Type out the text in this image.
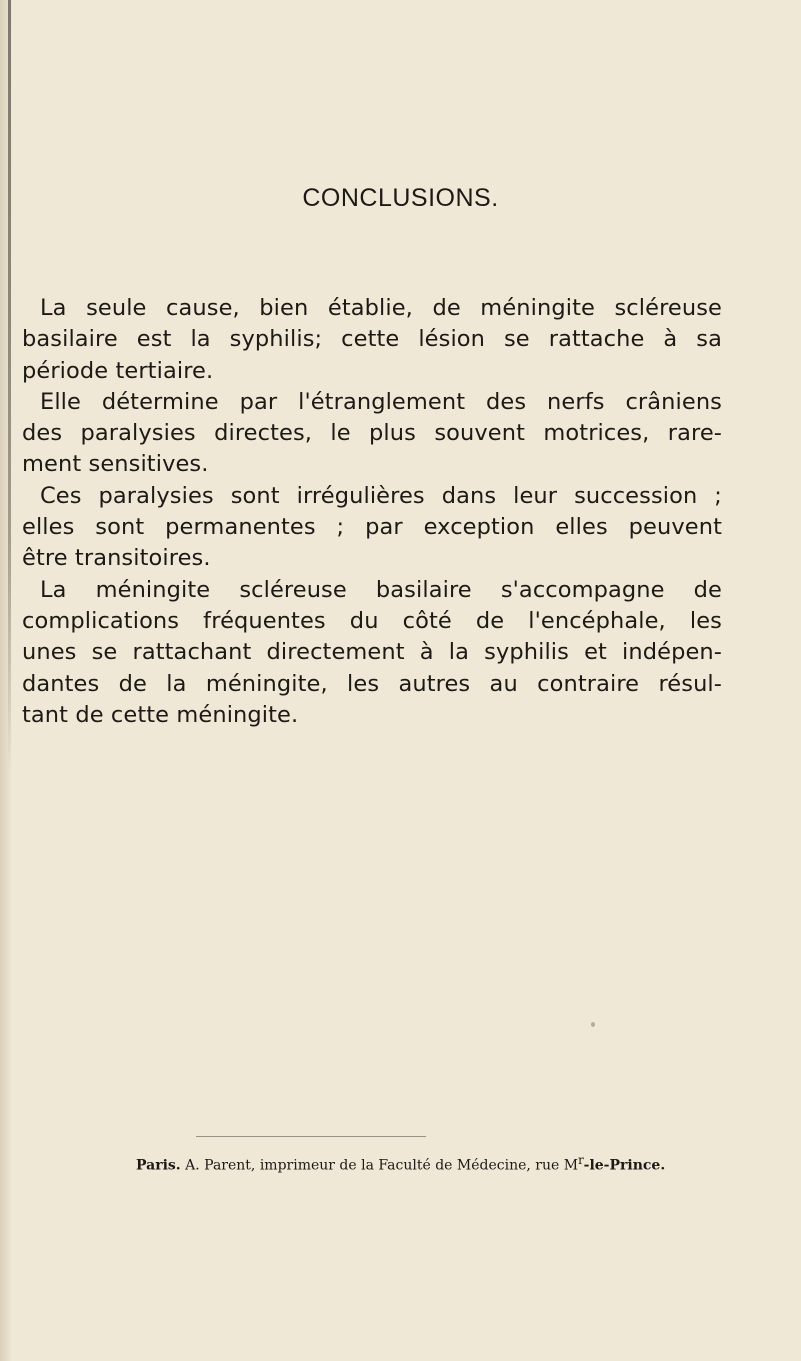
CONCLUSIONS.
La seule cause, bien établie, de méningite scléreuse
basilaire est la syphilis; cette lésion se rattache à sa
période tertiaire.
Elle détermine par l'étranglement des nerfs crâniens
des paralysies directes, le plus souvent motrices, rare-
ment sensitives.
Ces paralysies sont irrégulières dans leur succession ;
elles sont permanentes ; par exception elles peuvent
être transitoires.
La méningite scléreuse basilaire s'accompagne de
complications fréquentes du côté de l'encéphale, les
unes se rattachant directement à la syphilis et indépen-
dantes de la méningite, les autres au contraire résul-
tant de cette méningite.
Paris. A. Parent, imprimeur de la Faculté de Médecine, rue $M^r-le$-Prince.
